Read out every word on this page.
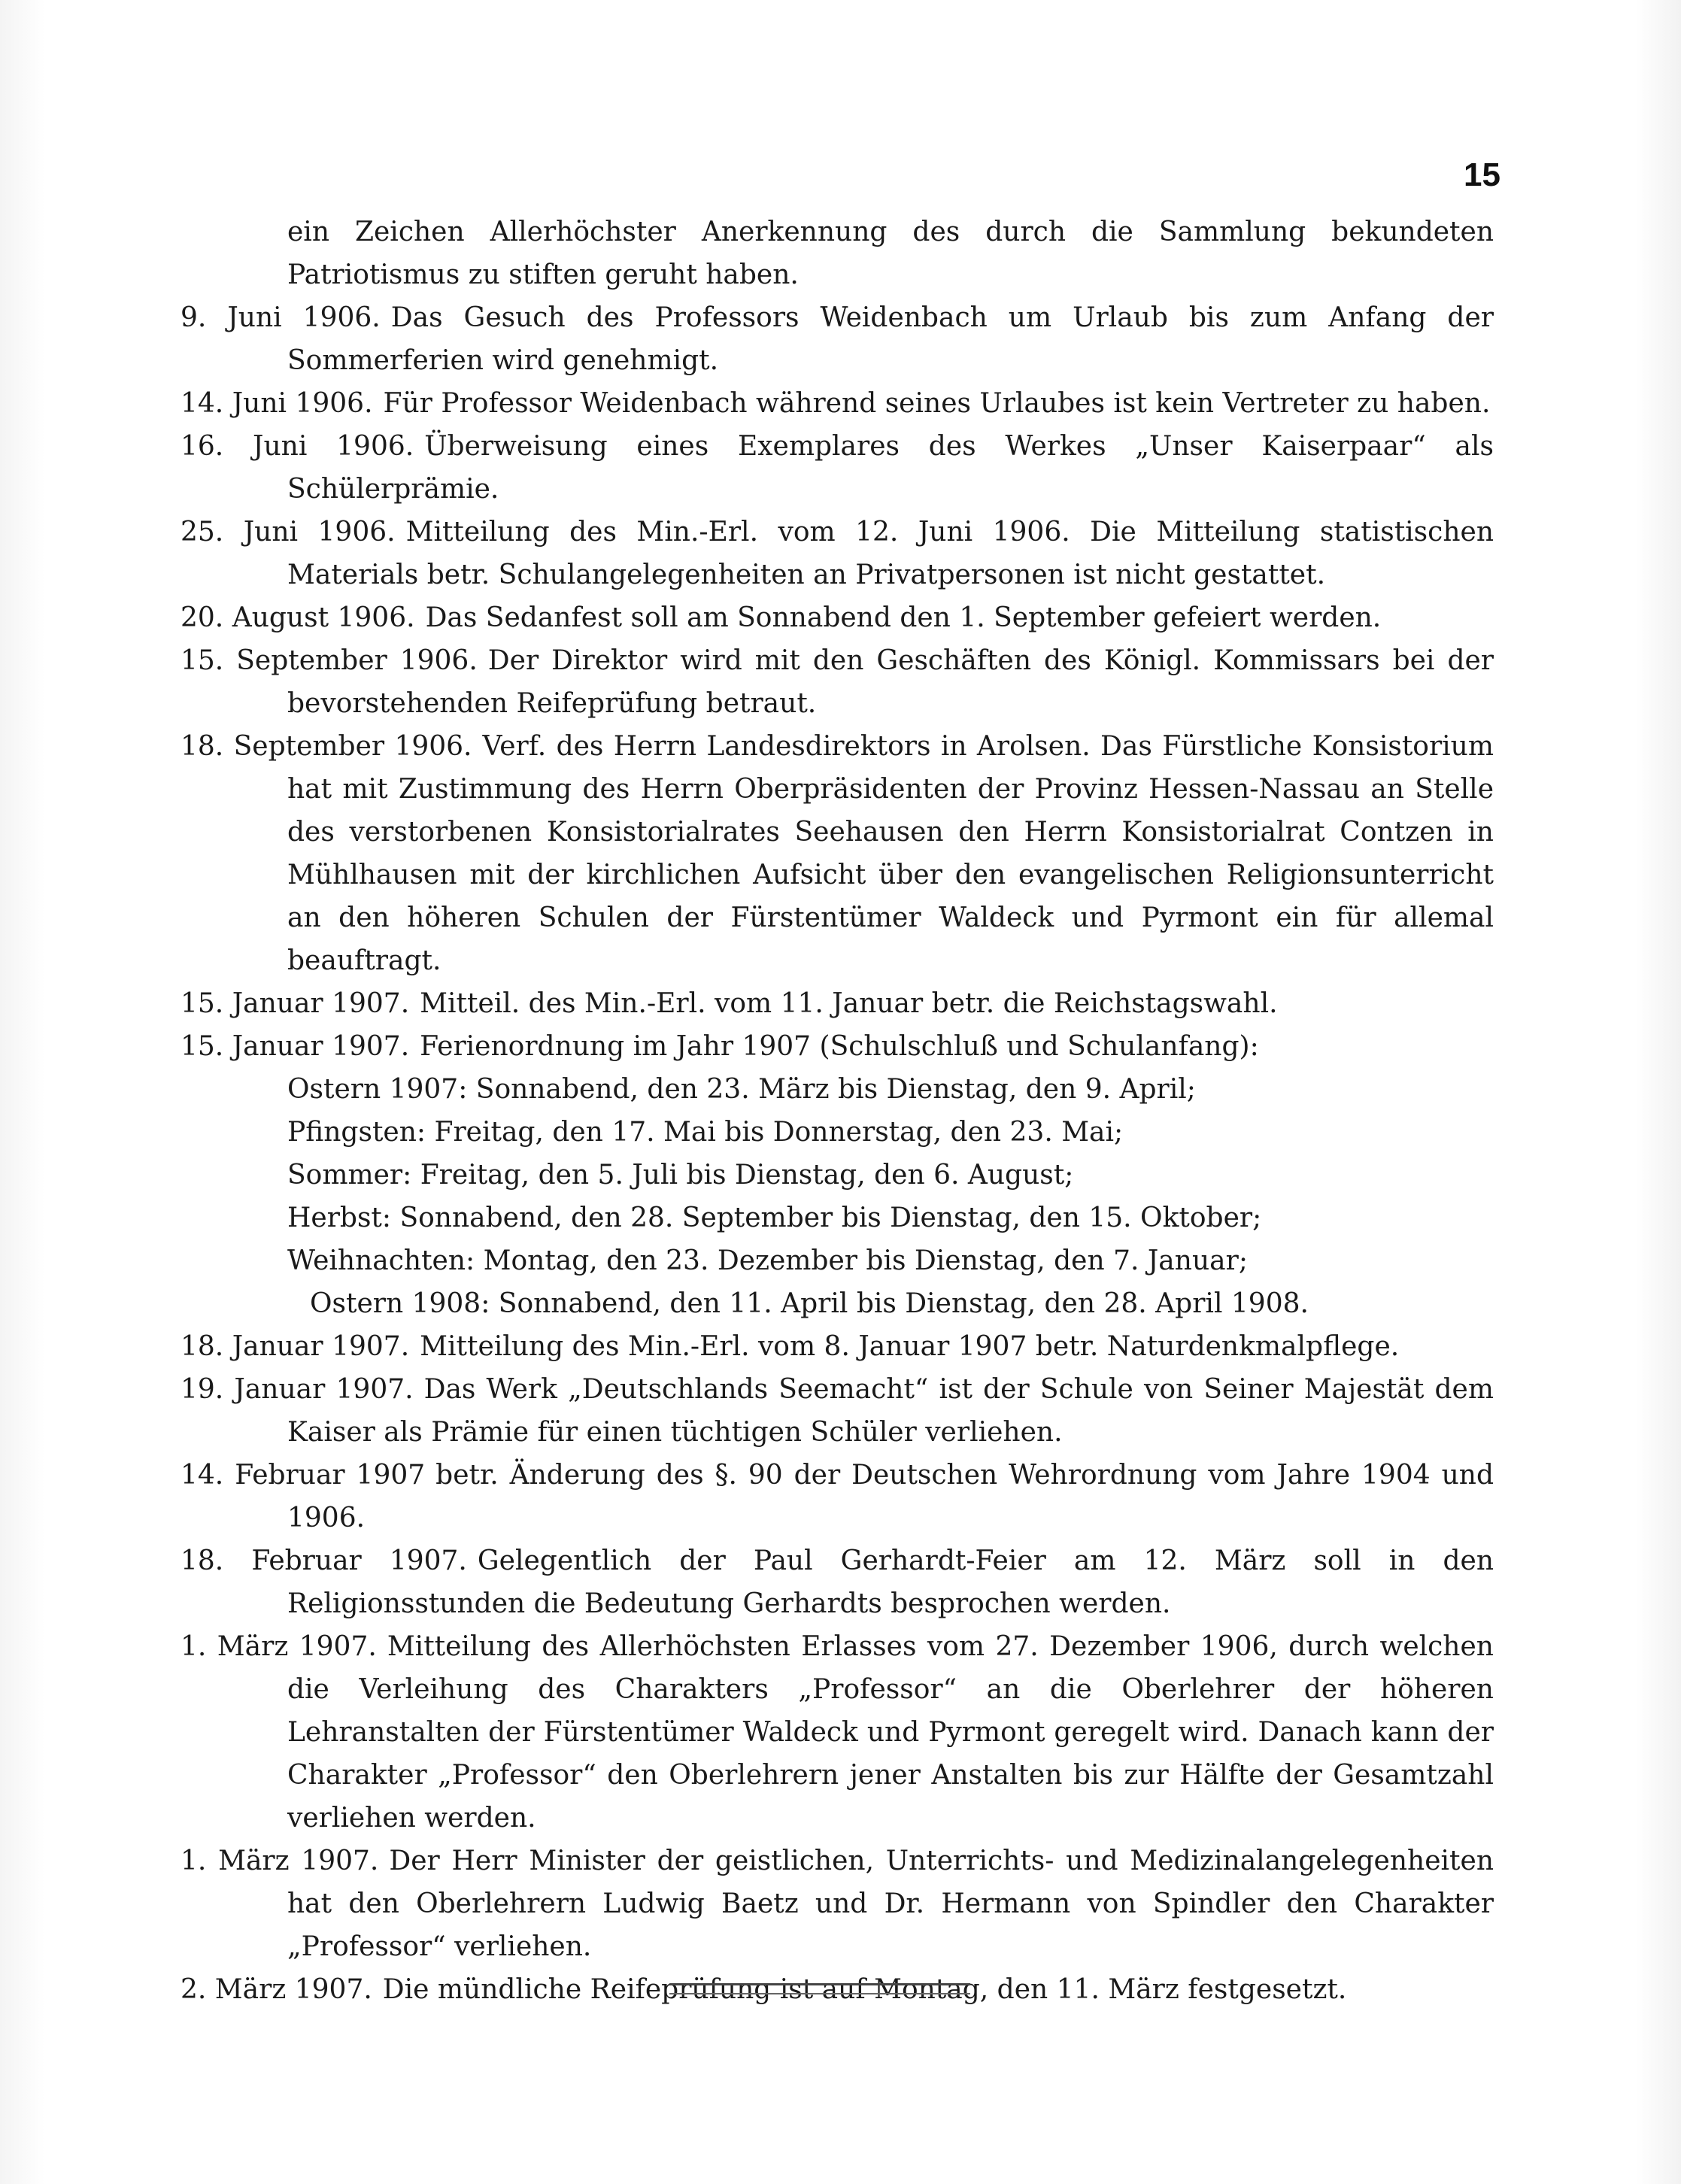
15

ein Zeichen Allerhöchster Anerkennung des durch die Sammlung bekundeten Patriotismus zu stiften geruht haben.

9. Juni 1906. Das Gesuch des Professors Weidenbach um Urlaub bis zum Anfang der Sommerferien wird genehmigt.

14. Juni 1906. Für Professor Weidenbach während seines Urlaubes ist kein Vertreter zu haben.

16. Juni 1906. Überweisung eines Exemplares des Werkes „Unser Kaiserpaar“ als Schülerprämie.

25. Juni 1906. Mitteilung des Min.-Erl. vom 12. Juni 1906. Die Mitteilung statistischen Materials betr. Schulangelegenheiten an Privatpersonen ist nicht gestattet.

20. August 1906. Das Sedanfest soll am Sonnabend den 1. September gefeiert werden.

15. September 1906. Der Direktor wird mit den Geschäften des Königl. Kommissars bei der bevorstehenden Reifeprüfung betraut.

18. September 1906. Verf. des Herrn Landesdirektors in Arolsen. Das Fürstliche Konsistorium hat mit Zustimmung des Herrn Oberpräsidenten der Provinz Hessen-Nassau an Stelle des verstorbenen Konsistorialrates Seehausen den Herrn Konsistorialrat Contzen in Mühlhausen mit der kirchlichen Aufsicht über den evangelischen Religionsunterricht an den höheren Schulen der Fürstentümer Waldeck und Pyrmont ein für allemal beauftragt.

15. Januar 1907. Mitteil. des Min.-Erl. vom 11. Januar betr. die Reichstagswahl.

15. Januar 1907. Ferienordnung im Jahr 1907 (Schulschluß und Schulanfang):

Ostern 1907: Sonnabend, den 23. März bis Dienstag, den 9. April;

Pfingsten: Freitag, den 17. Mai bis Donnerstag, den 23. Mai;

Sommer: Freitag, den 5. Juli bis Dienstag, den 6. August;

Herbst: Sonnabend, den 28. September bis Dienstag, den 15. Oktober;

Weihnachten: Montag, den 23. Dezember bis Dienstag, den 7. Januar;

Ostern 1908: Sonnabend, den 11. April bis Dienstag, den 28. April 1908.

18. Januar 1907. Mitteilung des Min.-Erl. vom 8. Januar 1907 betr. Naturdenkmalpflege.

19. Januar 1907. Das Werk „Deutschlands Seemacht“ ist der Schule von Seiner Majestät dem Kaiser als Prämie für einen tüchtigen Schüler verliehen.

14. Februar 1907 betr. Änderung des §. 90 der Deutschen Wehrordnung vom Jahre 1904 und 1906.

18. Februar 1907. Gelegentlich der Paul Gerhardt-Feier am 12. März soll in den Religionsstunden die Bedeutung Gerhardts besprochen werden.

1. März 1907. Mitteilung des Allerhöchsten Erlasses vom 27. Dezember 1906, durch welchen die Verleihung des Charakters „Professor“ an die Oberlehrer der höheren Lehranstalten der Fürstentümer Waldeck und Pyrmont geregelt wird. Danach kann der Charakter „Professor“ den Oberlehrern jener Anstalten bis zur Hälfte der Gesamtzahl verliehen werden.

1. März 1907. Der Herr Minister der geistlichen, Unterrichts- und Medizinalangelegenheiten hat den Oberlehrern Ludwig Baetz und Dr. Hermann von Spindler den Charakter „Professor“ verliehen.

2. März 1907. Die mündliche Reifeprüfung ist auf Montag, den 11. März festgesetzt.
